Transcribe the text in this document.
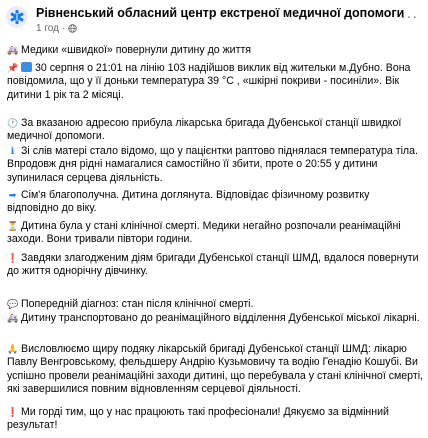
Рівненський обласний центр екстреної медичної допомоги
1 год ·
···
🚑 Медики «швидкої» повернули дитину до життя
📌 30 серпня о 21:01 на лінію 103 надійшов виклик від жительки м.Дубно. Вона повідомила, що у її доньки температура 39 °С , «шкірні покриви - посиніли». Вік дитини 1 рік та 2 місяці.
🕐 За вказаною адресою прибула лікарська бригада Дубенської станції швидкої медичної допомоги.
ℹ Зі слів матері стало відомо, що у пацієнтки раптово піднялася температура тіла. Впродовж дня рідні намагалися самостійно її збити, проте о 20:55 у дитини зупинилася серцева діяльність.
➡ Сім'я благополучна. Дитина доглянута. Відповідає фізичному розвитку відповідно до віку.
⏳ Дитина була у стані клінічної смерті. Медики негайно розпочали реанімаційні заходи. Вони тривали півтори години.
❗ Завдяки злагодженим діям бригади Дубенської станції ШМД, вдалося повернути до життя однорічну дівчинку.
💬 Попередній діагноз: стан після клінічної смерті.
🚑 Дитину транспортовано до реанімаційного відділення Дубенської міської лікарні.
🙏 Висловлюємо щиру подяку лікарській бригаді Дубенської станції ШМД: лікарю Павлу Венгровському, фельдшеру Андрію Кузьмовичу та водію Генадію Кошубі. Ви успішно провели реанімаційні заходи дитині, що перебувала у стані клінічної смерті, які завершилися повним відновленням серцевої діяльності.
❗ Ми горді тим, що у нас працюють такі професіонали! Дякуємо за відмінний результат!
